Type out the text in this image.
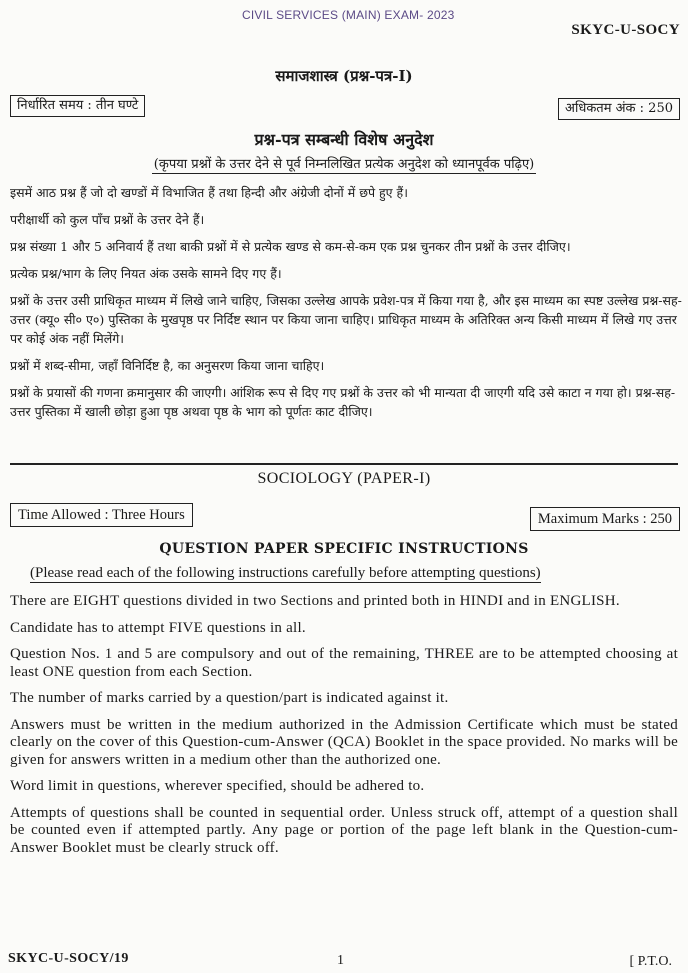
CIVIL SERVICES (MAIN) EXAM- 2023
SKYC-U-SOCY
समाजशास्त्र (प्रश्न-पत्र-I)
निर्धारित समय : तीन घण्टे	अधिकतम अंक : 250
प्रश्न-पत्र सम्बन्धी विशेष अनुदेश
(कृपया प्रश्नों के उत्तर देने से पूर्व निम्नलिखित प्रत्येक अनुदेश को ध्यानपूर्वक पढ़िए)

इसमें आठ प्रश्न हैं जो दो खण्डों में विभाजित हैं तथा हिन्दी और अंग्रेजी दोनों में छपे हुए हैं।

परीक्षार्थी को कुल पाँच प्रश्नों के उत्तर देने हैं।

प्रश्न संख्या 1 और 5 अनिवार्य हैं तथा बाकी प्रश्नों में से प्रत्येक खण्ड से कम-से-कम एक प्रश्न चुनकर तीन प्रश्नों के उत्तर दीजिए।

प्रत्येक प्रश्न/भाग के लिए नियत अंक उसके सामने दिए गए हैं।

प्रश्नों के उत्तर उसी प्राधिकृत माध्यम में लिखे जाने चाहिए, जिसका उल्लेख आपके प्रवेश-पत्र में किया गया है, और इस माध्यम का स्पष्ट उल्लेख प्रश्न-सह-उत्तर (क्यू० सी० ए०) पुस्तिका के मुखपृष्ठ पर निर्दिष्ट स्थान पर किया जाना चाहिए। प्राधिकृत माध्यम के अतिरिक्त अन्य किसी माध्यम में लिखे गए उत्तर पर कोई अंक नहीं मिलेंगे।

प्रश्नों में शब्द-सीमा, जहाँ विनिर्दिष्ट है, का अनुसरण किया जाना चाहिए।

प्रश्नों के प्रयासों की गणना क्रमानुसार की जाएगी। आंशिक रूप से दिए गए प्रश्नों के उत्तर को भी मान्यता दी जाएगी यदि उसे काटा न गया हो। प्रश्न-सह-उत्तर पुस्तिका में खाली छोड़ा हुआ पृष्ठ अथवा पृष्ठ के भाग को पूर्णतः काट दीजिए।

SOCIOLOGY (PAPER-I)
Time Allowed : Three Hours	Maximum Marks : 250
QUESTION PAPER SPECIFIC INSTRUCTIONS
(Please read each of the following instructions carefully before attempting questions)

There are EIGHT questions divided in two Sections and printed both in HINDI and in ENGLISH.

Candidate has to attempt FIVE questions in all.

Question Nos. 1 and 5 are compulsory and out of the remaining, THREE are to be attempted choosing at least ONE question from each Section.

The number of marks carried by a question/part is indicated against it.

Answers must be written in the medium authorized in the Admission Certificate which must be stated clearly on the cover of this Question-cum-Answer (QCA) Booklet in the space provided. No marks will be given for answers written in a medium other than the authorized one.

Word limit in questions, wherever specified, should be adhered to.

Attempts of questions shall be counted in sequential order. Unless struck off, attempt of a question shall be counted even if attempted partly. Any page or portion of the page left blank in the Question-cum-Answer Booklet must be clearly struck off.

SKYC-U-SOCY/19	1	[ P.T.O.
